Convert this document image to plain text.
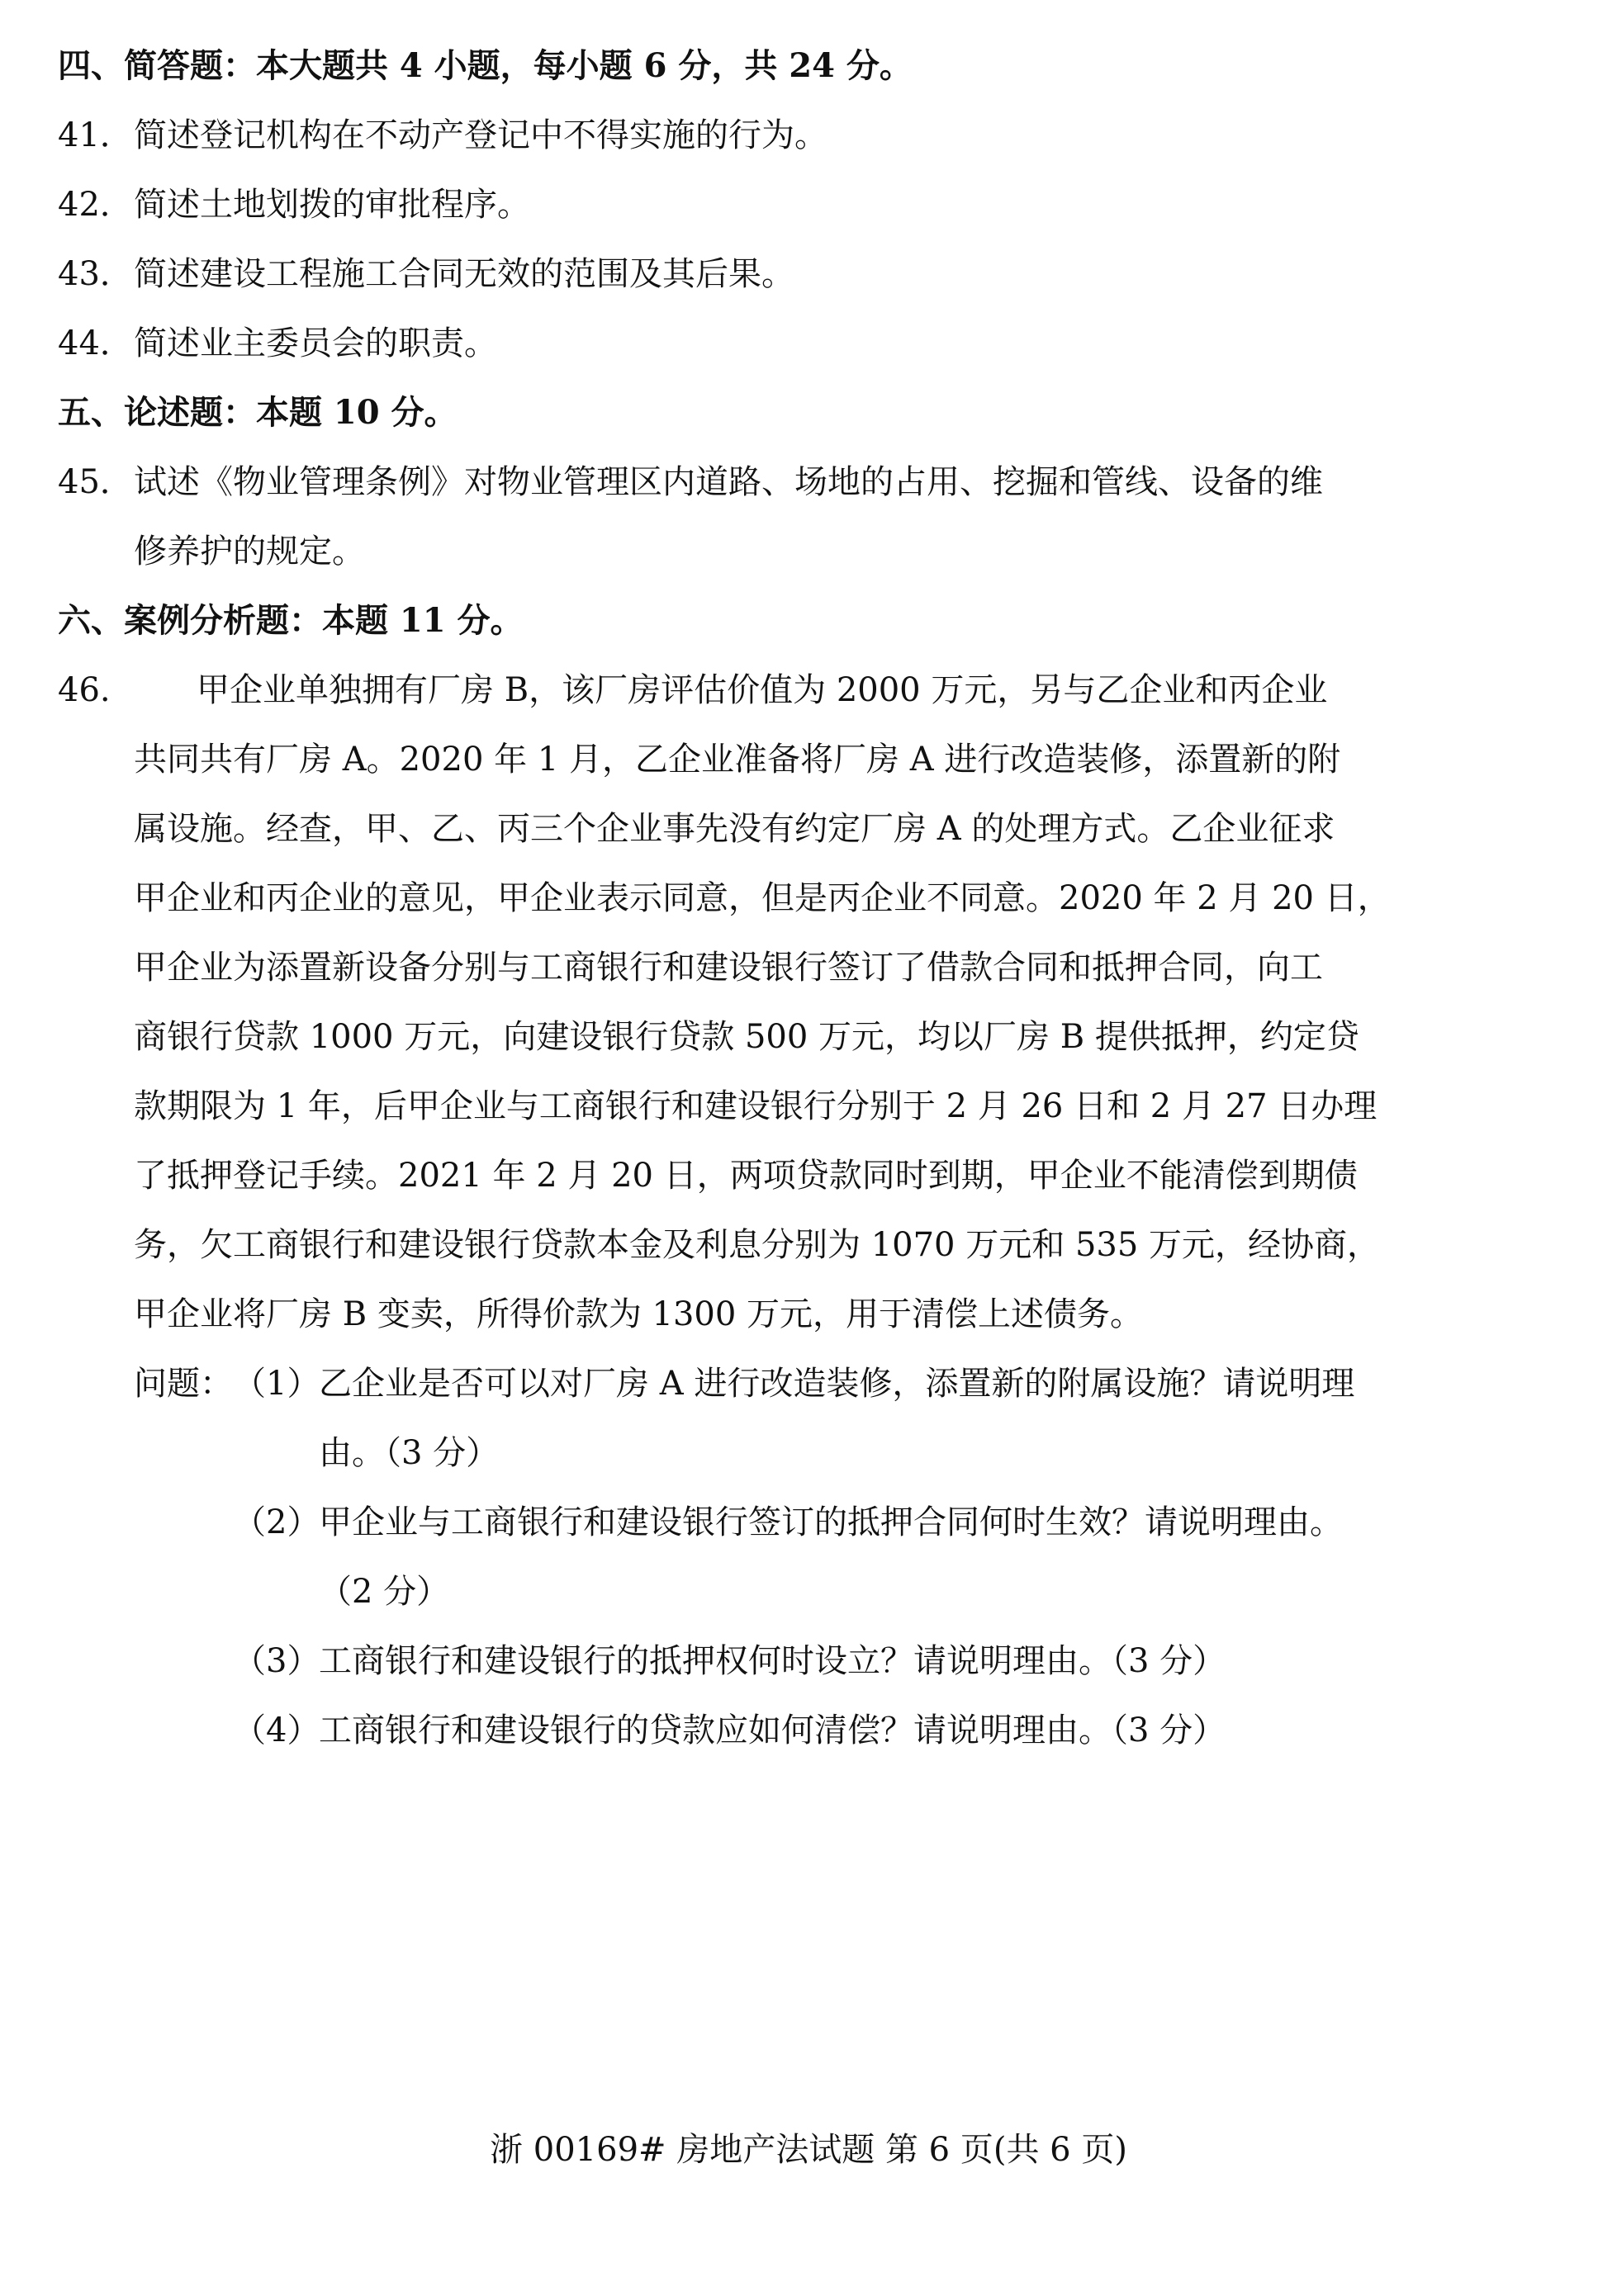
四、简答题：本大题共 4 小题，每小题 6 分，共 24 分。
41． 简述登记机构在不动产登记中不得实施的行为。
42． 简述土地划拨的审批程序。
43． 简述建设工程施工合同无效的范围及其后果。
44． 简述业主委员会的职责。
五、论述题：本题 10 分。
45． 试述《物业管理条例》对物业管理区内道路、场地的占用、挖掘和管线、设备的维
修养护的规定。
六、案例分析题：本题 11 分。
46.	甲企业单独拥有厂房 B，该厂房评估价值为 2000 万元，另与乙企业和丙企业
共同共有厂房 A。2020 年 1 月，乙企业准备将厂房 A 进行改造装修，添置新的附
属设施。经查，甲、乙、丙三个企业事先没有约定厂房 A 的处理方式。乙企业征求
甲企业和丙企业的意见，甲企业表示同意，但是丙企业不同意。2020 年 2 月 20 日，
甲企业为添置新设备分别与工商银行和建设银行签订了借款合同和抵押合同，向工
商银行贷款 1000 万元，向建设银行贷款 500 万元，均以厂房 B 提供抵押，约定贷
款期限为 1 年，后甲企业与工商银行和建设银行分别于 2 月 26 日和 2 月 27 日办理
了抵押登记手续。2021 年 2 月 20 日，两项贷款同时到期，甲企业不能清偿到期债
务，欠工商银行和建设银行贷款本金及利息分别为 1070 万元和 535 万元，经协商，
甲企业将厂房 B 变卖，所得价款为 1300 万元，用于清偿上述债务。
问题： （1）
乙企业是否可以对厂房 A 进行改造装修，添置新的附属设施？请说明理
由。（3 分）
（2）
甲企业与工商银行和建设银行签订的抵押合同何时生效？请说明理由。
（2 分）
（3）
工商银行和建设银行的抵押权何时设立？请说明理由。（3 分）
（4）
工商银行和建设银行的贷款应如何清偿？请说明理由。（3 分）
浙 00169# 房地产法试题 第 6 页(共 6 页)
